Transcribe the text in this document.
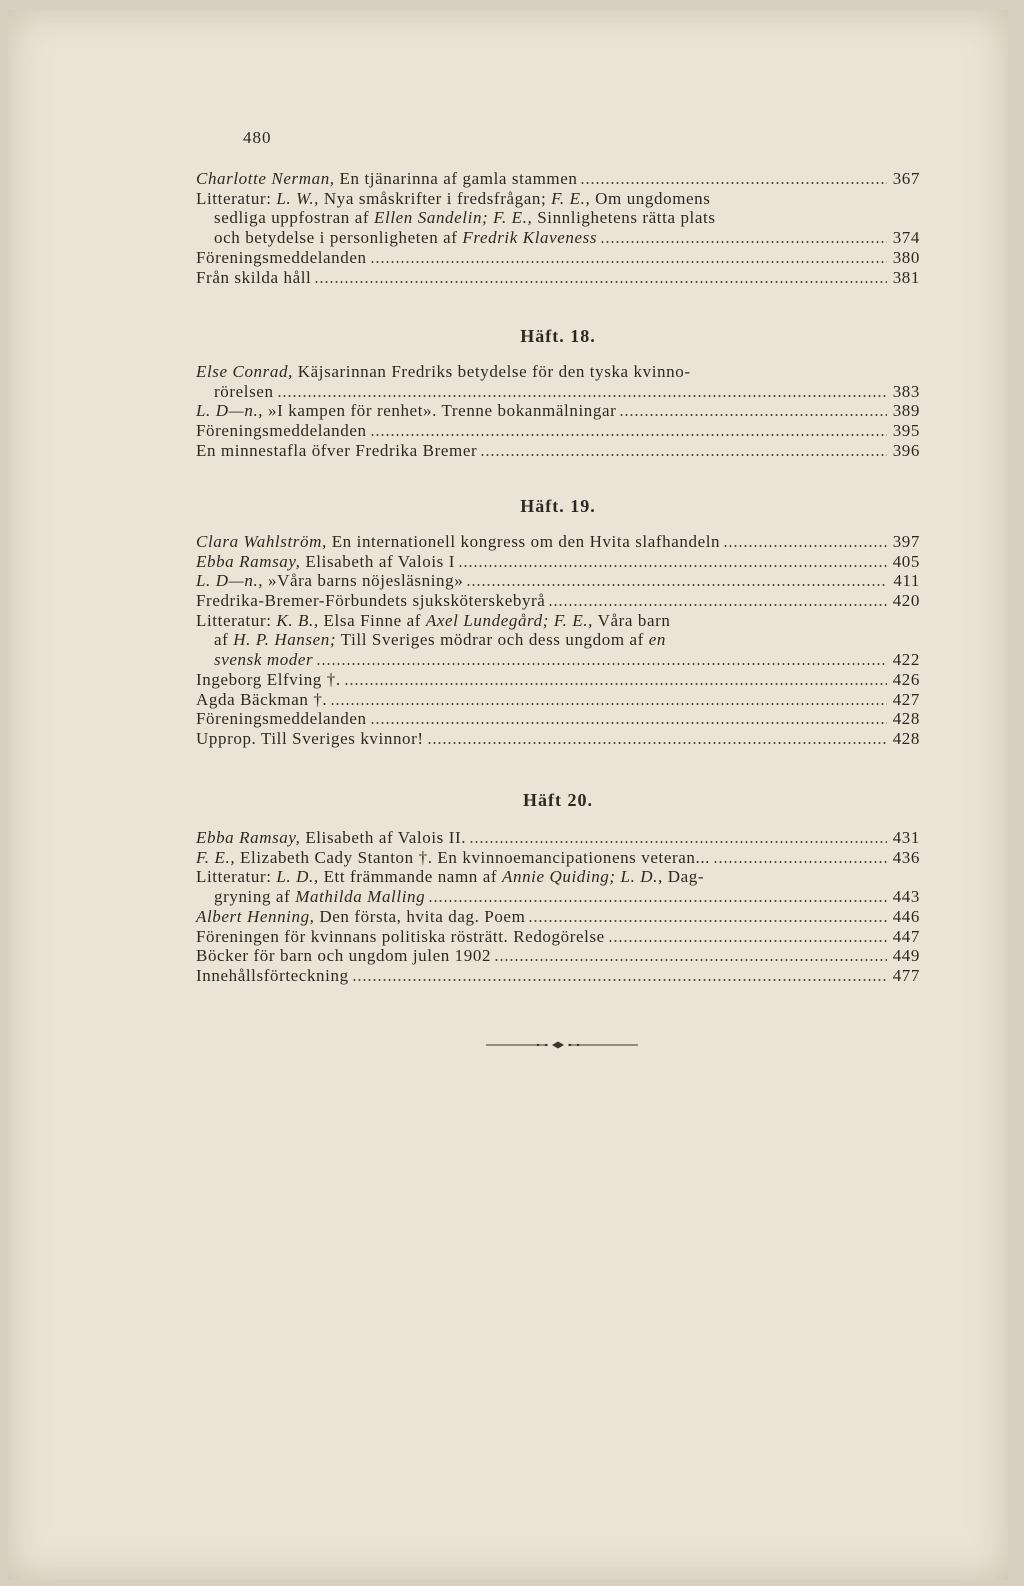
480
Charlotte Nerman, En tjänarinna af gamla stammen	367
Litteratur: L. W., Nya småskrifter i fredsfrågan; F. E., Om ungdomens
sedliga uppfostran af Ellen Sandelin; F. E., Sinnlighetens rätta plats
och betydelse i personligheten af Fredrik Klaveness	374
Föreningsmeddelanden	380
Från skilda håll	381
Häft. 18.
Else Conrad, Käjsarinnan Fredriks betydelse för den tyska kvinno-
rörelsen	383
L. D—n., »I kampen för renhet». Trenne bokanmälningar	389
Föreningsmeddelanden	395
En minnestafla öfver Fredrika Bremer	396
Häft. 19.
Clara Wahlström, En internationell kongress om den Hvita slafhandeln	397
Ebba Ramsay, Elisabeth af Valois I	405
L. D—n., »Våra barns nöjesläsning»	411
Fredrika-Bremer-Förbundets sjuksköterskebyrå	420
Litteratur: K. B., Elsa Finne af Axel Lundegård; F. E., Våra barn
af H. P. Hansen; Till Sveriges mödrar och dess ungdom af en
svensk moder	422
Ingeborg Elfving †.	426
Agda Bäckman †.	427
Föreningsmeddelanden	428
Upprop. Till Sveriges kvinnor!	428
Häft 20.
Ebba Ramsay, Elisabeth af Valois II.	431
F. E., Elizabeth Cady Stanton †. En kvinnoemancipationens veteran...	436
Litteratur: L. D., Ett främmande namn af Annie Quiding; L. D., Dag-
gryning af Mathilda Malling	443
Albert Henning, Den första, hvita dag. Poem	446
Föreningen för kvinnans politiska rösträtt. Redogörelse	447
Böcker för barn och ungdom julen 1902	449
Innehållsförteckning	477
